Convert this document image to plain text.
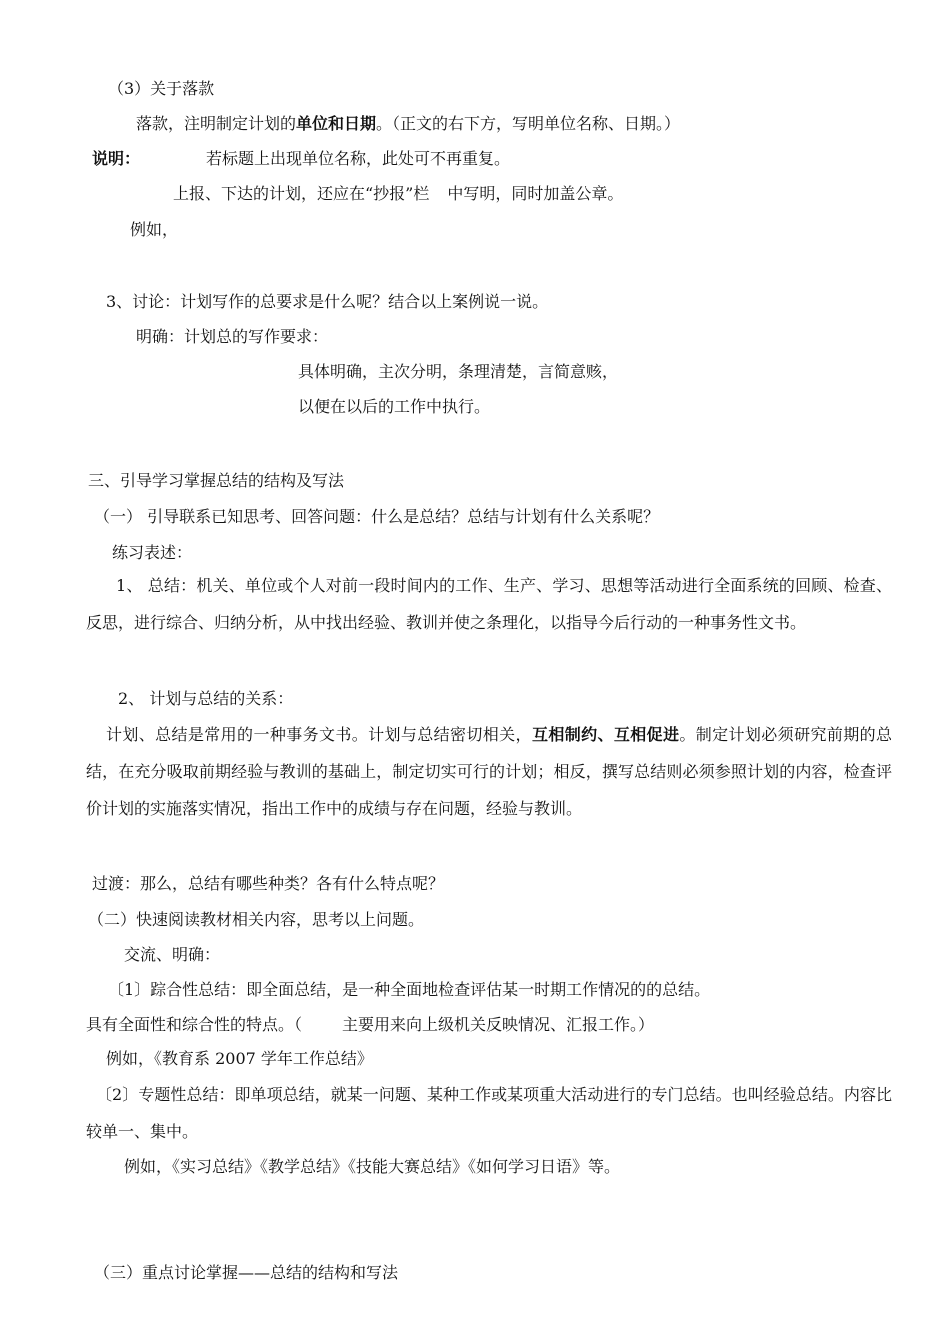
（3）关于落款
落款，注明制定计划的单位和日期。（正文的右下方，写明单位名称、日期。）
说明：	若标题上出现单位名称，此处可不再重复。
上报、下达的计划，还应在“抄报”栏 中写明，同时加盖公章。
例如，
3、讨论：计划写作的总要求是什么呢？结合以上案例说一说。
明确：计划总的写作要求：
具体明确，主次分明，条理清楚，言简意赅，
以便在以后的工作中执行。
三、引导学习掌握总结的结构及写法
（一） 引导联系已知思考、回答问题：什么是总结？总结与计划有什么关系呢？
练习表述：
1、 总结：机关、单位或个人对前一段时间内的工作、生产、学习、思想等活动进行全面系统的回顾、检查、反思，进行综合、归纳分析，从中找出经验、教训并使之条理化，以指导今后行动的一种事务性文书。
2、 计划与总结的关系：
计划、总结是常用的一种事务文书。计划与总结密切相关，互相制约、互相促进。制定计划必须研究前期的总结，在充分吸取前期经验与教训的基础上，制定切实可行的计划；相反，撰写总结则必须参照计划的内容，检查评价计划的实施落实情况，指出工作中的成绩与存在问题，经验与教训。
过渡：那么，总结有哪些种类？各有什么特点呢？
（二）快速阅读教材相关内容，思考以上问题。
交流、明确：
〔1〕踪合性总结：即全面总结，是一种全面地检查评估某一时期工作情况的的总结。
具有全面性和综合性的特点。（	主要用来向上级机关反映情况、汇报工作。）
例如，《教育系 2007 学年工作总结》
〔2〕专题性总结：即单项总结，就某一问题、某种工作或某项重大活动进行的专门总结。也叫经验总结。内容比较单一、集中。
例如，《实习总结》《教学总结》《技能大赛总结》《如何学习日语》等。
（三）重点讨论掌握——总结的结构和写法
